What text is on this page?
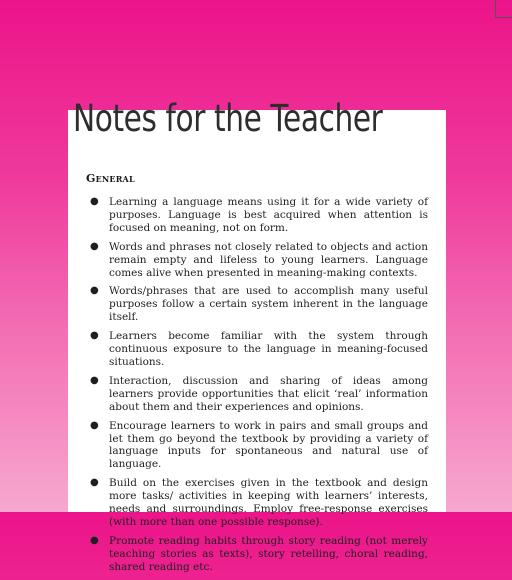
Notes for the Teacher
General
● Learning a language means using it for a wide variety of purposes. Language is best acquired when attention is focused on meaning, not on form.
● Words and phrases not closely related to objects and action remain empty and lifeless to young learners. Language comes alive when presented in meaning-making contexts.
● Words/phrases that are used to accomplish many useful purposes follow a certain system inherent in the language itself.
● Learners become familiar with the system through continuous exposure to the language in meaning-focused situations.
● Interaction, discussion and sharing of ideas among learners provide opportunities that elicit ‘real’ information about them and their experiences and opinions.
● Encourage learners to work in pairs and small groups and let them go beyond the textbook by providing a variety of language inputs for spontaneous and natural use of language.
● Build on the exercises given in the textbook and design more tasks/ activities in keeping with learners’ interests, needs and surroundings. Employ free-response exercises (with more than one possible response).
● Promote reading habits through story reading (not merely teaching stories as texts), story retelling, choral reading, shared reading etc.
